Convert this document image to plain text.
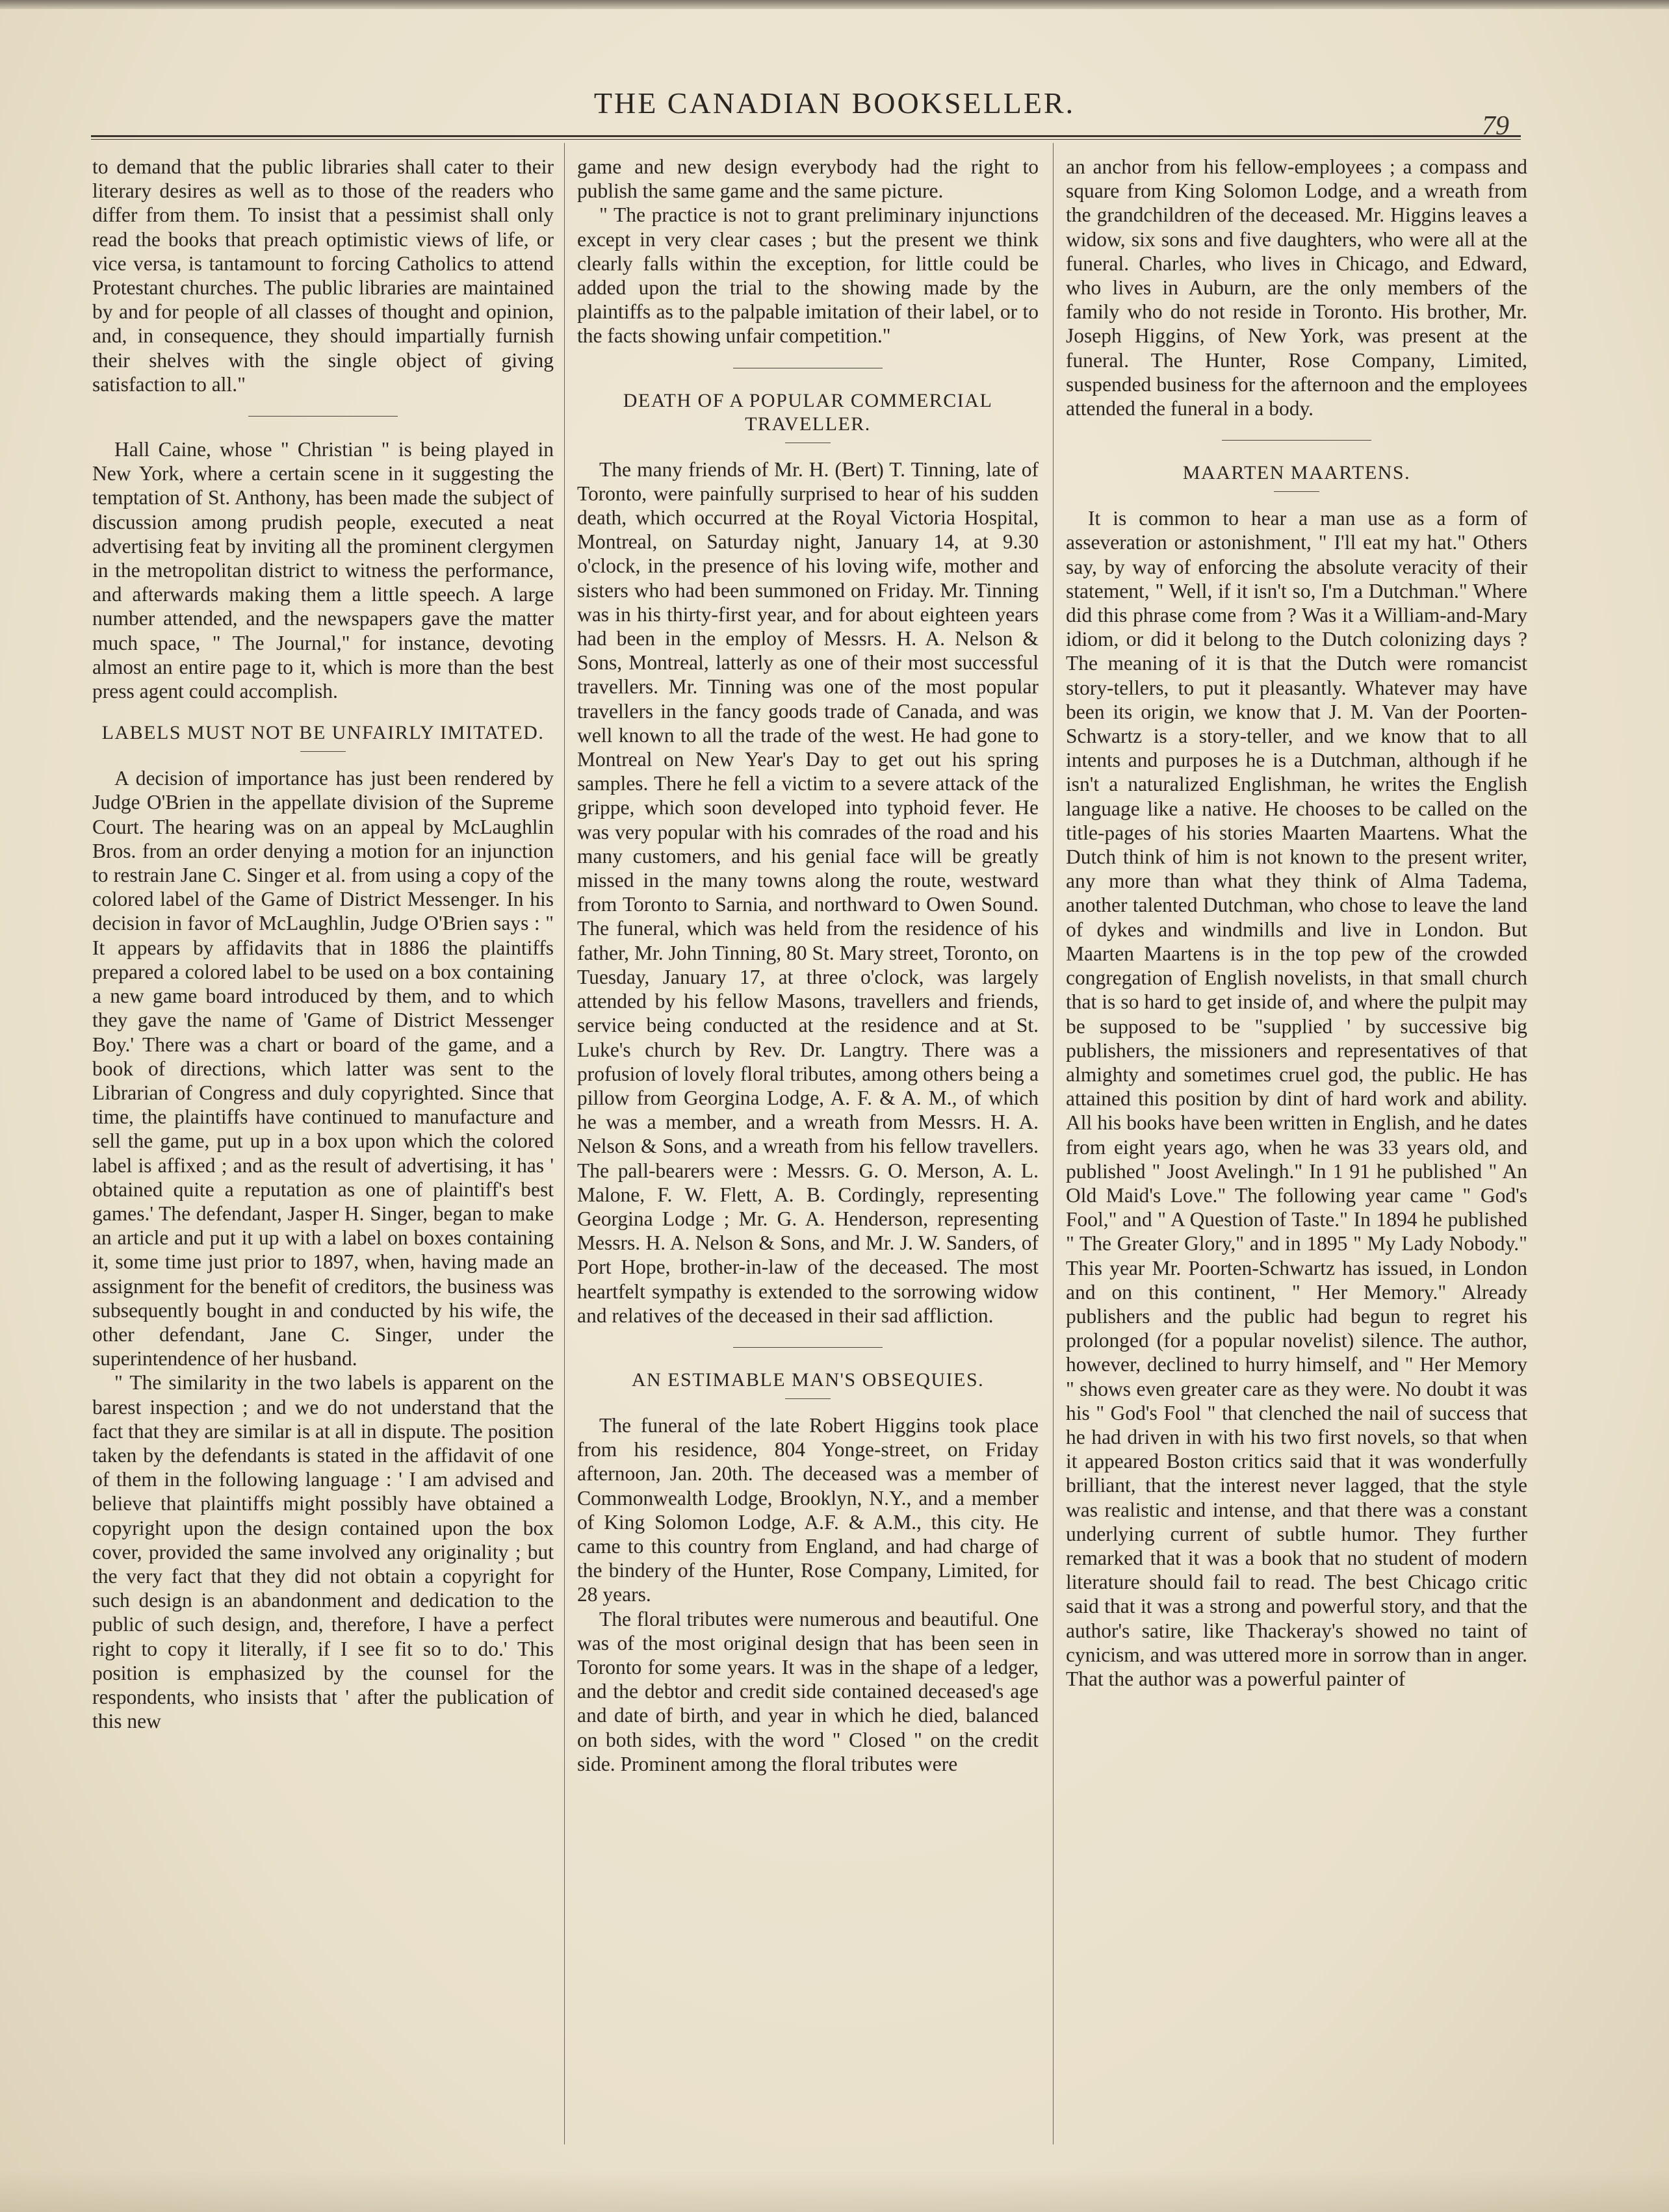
THE CANADIAN BOOKSELLER.
79

to demand that the public libraries shall cater to their literary desires as well as to those of the readers who differ from them. To insist that a pessimist shall only read the books that preach optimistic views of life, or vice versa, is tantamount to forcing Catholics to attend Protestant churches. The public libraries are maintained by and for people of all classes of thought and opinion, and, in consequence, they should impartially furnish their shelves with the single object of giving satisfaction to all."

Hall Caine, whose " Christian " is being played in New York, where a certain scene in it suggesting the temptation of St. Anthony, has been made the subject of discussion among prudish people, executed a neat advertising feat by inviting all the prominent clergymen in the metropolitan district to witness the performance, and afterwards making them a little speech. A large number attended, and the newspapers gave the matter much space, " The Journal," for instance, devoting almost an entire page to it, which is more than the best press agent could accomplish.

LABELS MUST NOT BE UNFAIRLY IMITATED.

A decision of importance has just been rendered by Judge O'Brien in the appellate division of the Supreme Court. The hearing was on an appeal by McLaughlin Bros. from an order denying a motion for an injunction to restrain Jane C. Singer et al. from using a copy of the colored label of the Game of District Messenger. In his decision in favor of McLaughlin, Judge O'Brien says : " It appears by affidavits that in 1886 the plaintiffs prepared a colored label to be used on a box containing a new game board introduced by them, and to which they gave the name of 'Game of District Messenger Boy.' There was a chart or board of the game, and a book of directions, which latter was sent to the Librarian of Congress and duly copyrighted. Since that time, the plaintiffs have continued to manufacture and sell the game, put up in a box upon which the colored label is affixed ; and as the result of advertising, it has ' obtained quite a reputation as one of plaintiff's best games.' The defendant, Jasper H. Singer, began to make an article and put it up with a label on boxes containing it, some time just prior to 1897, when, having made an assignment for the benefit of creditors, the business was subsequently bought in and conducted by his wife, the other defendant, Jane C. Singer, under the superintendence of her husband.

" The similarity in the two labels is apparent on the barest inspection ; and we do not understand that the fact that they are similar is at all in dispute. The position taken by the defendants is stated in the affidavit of one of them in the following language : ' I am advised and believe that plaintiffs might possibly have obtained a copyright upon the design contained upon the box cover, provided the same involved any originality ; but the very fact that they did not obtain a copyright for such design is an abandonment and dedication to the public of such design, and, therefore, I have a perfect right to copy it literally, if I see fit so to do.' This position is emphasized by the counsel for the respondents, who insists that ' after the publication of this new

game and new design everybody had the right to publish the same game and the same picture.

" The practice is not to grant preliminary injunctions except in very clear cases ; but the present we think clearly falls within the exception, for little could be added upon the trial to the showing made by the plaintiffs as to the palpable imitation of their label, or to the facts showing unfair competition."

DEATH OF A POPULAR COMMERCIAL TRAVELLER.

The many friends of Mr. H. (Bert) T. Tinning, late of Toronto, were painfully surprised to hear of his sudden death, which occurred at the Royal Victoria Hospital, Montreal, on Saturday night, January 14, at 9.30 o'clock, in the presence of his loving wife, mother and sisters who had been summoned on Friday. Mr. Tinning was in his thirty-first year, and for about eighteen years had been in the employ of Messrs. H. A. Nelson & Sons, Montreal, latterly as one of their most successful travellers. Mr. Tinning was one of the most popular travellers in the fancy goods trade of Canada, and was well known to all the trade of the west. He had gone to Montreal on New Year's Day to get out his spring samples. There he fell a victim to a severe attack of the grippe, which soon developed into typhoid fever. He was very popular with his comrades of the road and his many customers, and his genial face will be greatly missed in the many towns along the route, westward from Toronto to Sarnia, and northward to Owen Sound. The funeral, which was held from the residence of his father, Mr. John Tinning, 80 St. Mary street, Toronto, on Tuesday, January 17, at three o'clock, was largely attended by his fellow Masons, travellers and friends, service being conducted at the residence and at St. Luke's church by Rev. Dr. Langtry. There was a profusion of lovely floral tributes, among others being a pillow from Georgina Lodge, A. F. & A. M., of which he was a member, and a wreath from Messrs. H. A. Nelson & Sons, and a wreath from his fellow travellers. The pall-bearers were : Messrs. G. O. Merson, A. L. Malone, F. W. Flett, A. B. Cordingly, representing Georgina Lodge ; Mr. G. A. Henderson, representing Messrs. H. A. Nelson & Sons, and Mr. J. W. Sanders, of Port Hope, brother-in-law of the deceased. The most heartfelt sympathy is extended to the sorrowing widow and relatives of the deceased in their sad affliction.

AN ESTIMABLE MAN'S OBSEQUIES.

The funeral of the late Robert Higgins took place from his residence, 804 Yonge-street, on Friday afternoon, Jan. 20th. The deceased was a member of Commonwealth Lodge, Brooklyn, N.Y., and a member of King Solomon Lodge, A.F. & A.M., this city. He came to this country from England, and had charge of the bindery of the Hunter, Rose Company, Limited, for 28 years.

The floral tributes were numerous and beautiful. One was of the most original design that has been seen in Toronto for some years. It was in the shape of a ledger, and the debtor and credit side contained deceased's age and date of birth, and year in which he died, balanced on both sides, with the word " Closed " on the credit side. Prominent among the floral tributes were

an anchor from his fellow-employees ; a compass and square from King Solomon Lodge, and a wreath from the grandchildren of the deceased. Mr. Higgins leaves a widow, six sons and five daughters, who were all at the funeral. Charles, who lives in Chicago, and Edward, who lives in Auburn, are the only members of the family who do not reside in Toronto. His brother, Mr. Joseph Higgins, of New York, was present at the funeral. The Hunter, Rose Company, Limited, suspended business for the afternoon and the employees attended the funeral in a body.

MAARTEN MAARTENS.

It is common to hear a man use as a form of asseveration or astonishment, " I'll eat my hat." Others say, by way of enforcing the absolute veracity of their statement, " Well, if it isn't so, I'm a Dutchman." Where did this phrase come from ? Was it a William-and-Mary idiom, or did it belong to the Dutch colonizing days ? The meaning of it is that the Dutch were romancist story-tellers, to put it pleasantly. Whatever may have been its origin, we know that J. M. Van der Poorten-Schwartz is a story-teller, and we know that to all intents and purposes he is a Dutchman, although if he isn't a naturalized Englishman, he writes the English language like a native. He chooses to be called on the title-pages of his stories Maarten Maartens. What the Dutch think of him is not known to the present writer, any more than what they think of Alma Tadema, another talented Dutchman, who chose to leave the land of dykes and windmills and live in London. But Maarten Maartens is in the top pew of the crowded congregation of English novelists, in that small church that is so hard to get inside of, and where the pulpit may be supposed to be "supplied ' by successive big publishers, the missioners and representatives of that almighty and sometimes cruel god, the public. He has attained this position by dint of hard work and ability. All his books have been written in English, and he dates from eight years ago, when he was 33 years old, and published " Joost Avelingh." In 1 91 he published " An Old Maid's Love." The following year came " God's Fool," and " A Question of Taste." In 1894 he published " The Greater Glory," and in 1895 " My Lady Nobody." This year Mr. Poorten-Schwartz has issued, in London and on this continent, " Her Memory." Already publishers and the public had begun to regret his prolonged (for a popular novelist) silence. The author, however, declined to hurry himself, and " Her Memory " shows even greater care as they were. No doubt it was his " God's Fool " that clenched the nail of success that he had driven in with his two first novels, so that when it appeared Boston critics said that it was wonderfully brilliant, that the interest never lagged, that the style was realistic and intense, and that there was a constant underlying current of subtle humor. They further remarked that it was a book that no student of modern literature should fail to read. The best Chicago critic said that it was a strong and powerful story, and that the author's satire, like Thackeray's showed no taint of cynicism, and was uttered more in sorrow than in anger. That the author was a powerful painter of
